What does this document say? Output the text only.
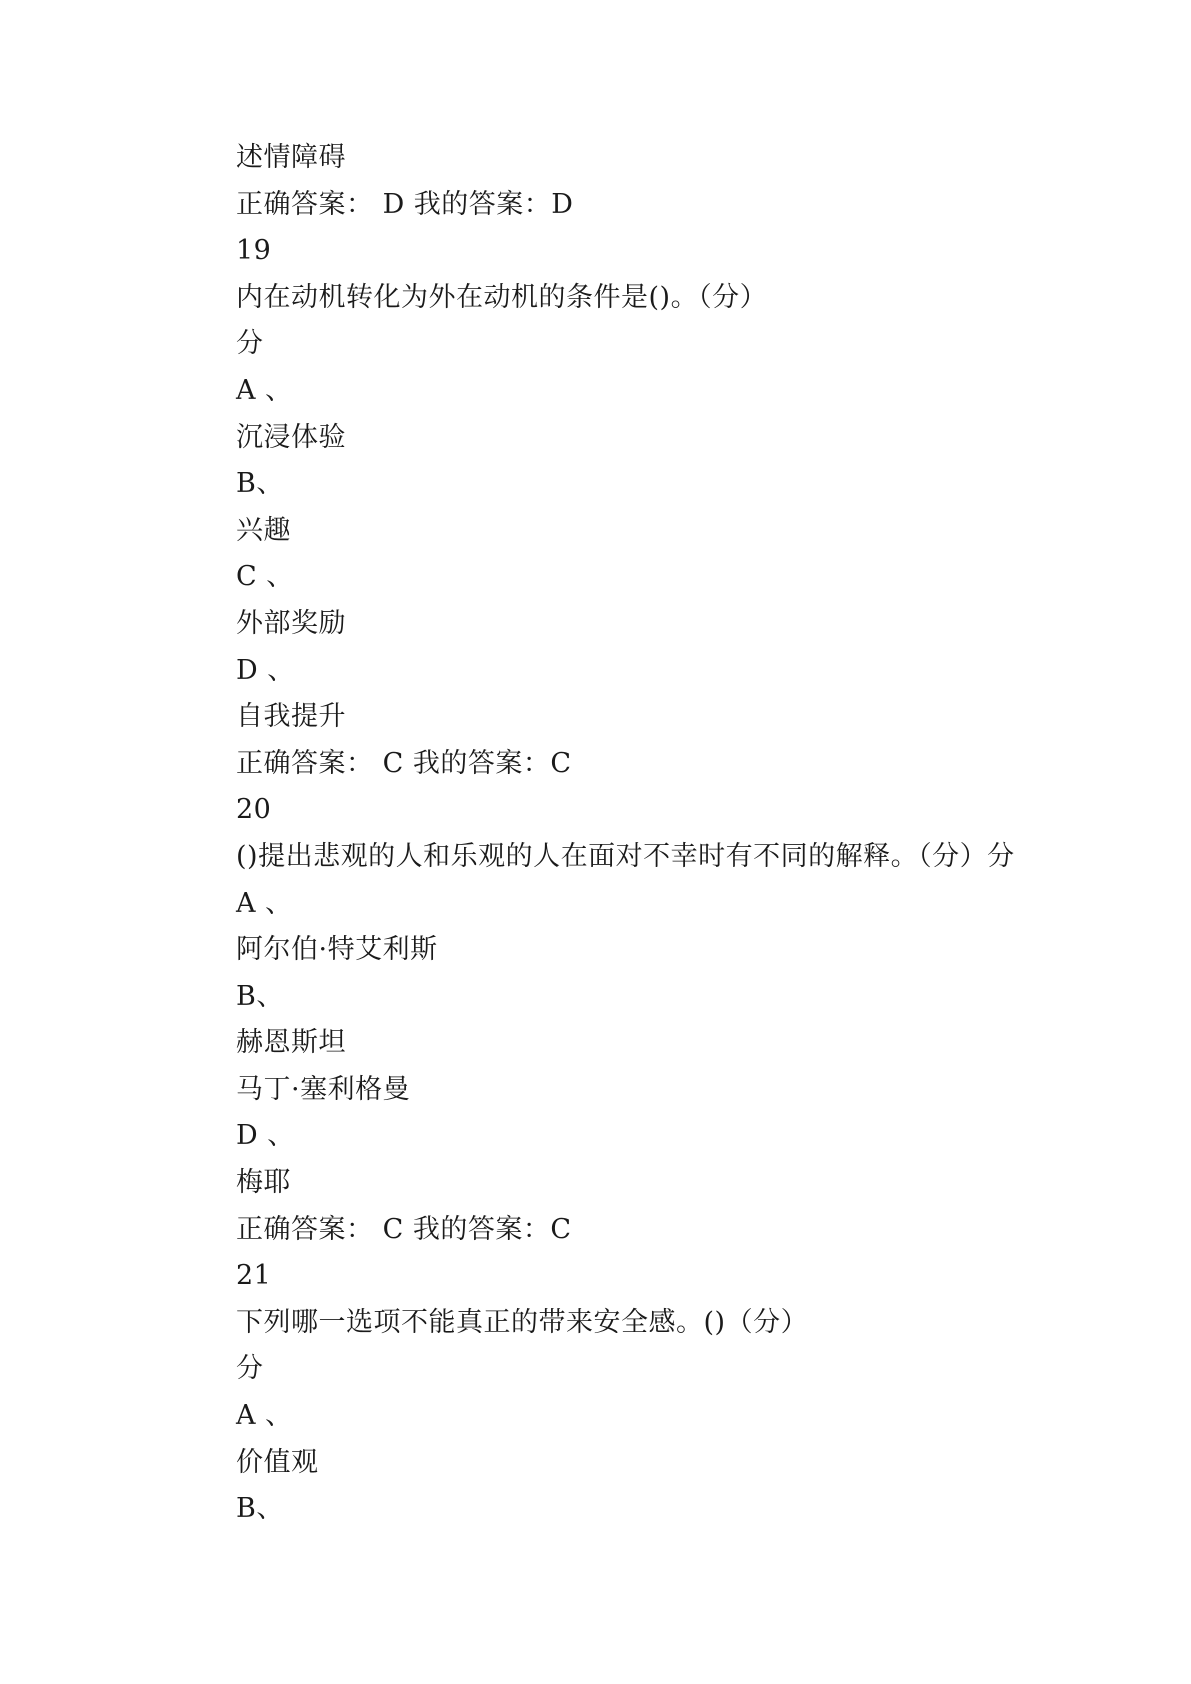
述情障碍
正确答案： D 我的答案：D
19
内在动机转化为外在动机的条件是()。（分）
分
A 、
沉浸体验
B、
兴趣
C 、
外部奖励
D 、
自我提升
正确答案： C 我的答案：C
20
()提出悲观的人和乐观的人在面对不幸时有不同的解释。（分）分
A 、
阿尔伯·特艾利斯
B、
赫恩斯坦
马丁·塞利格曼
D 、
梅耶
正确答案： C 我的答案：C
21
下列哪一选项不能真正的带来安全感。()（分）
分
A 、
价值观
B、
